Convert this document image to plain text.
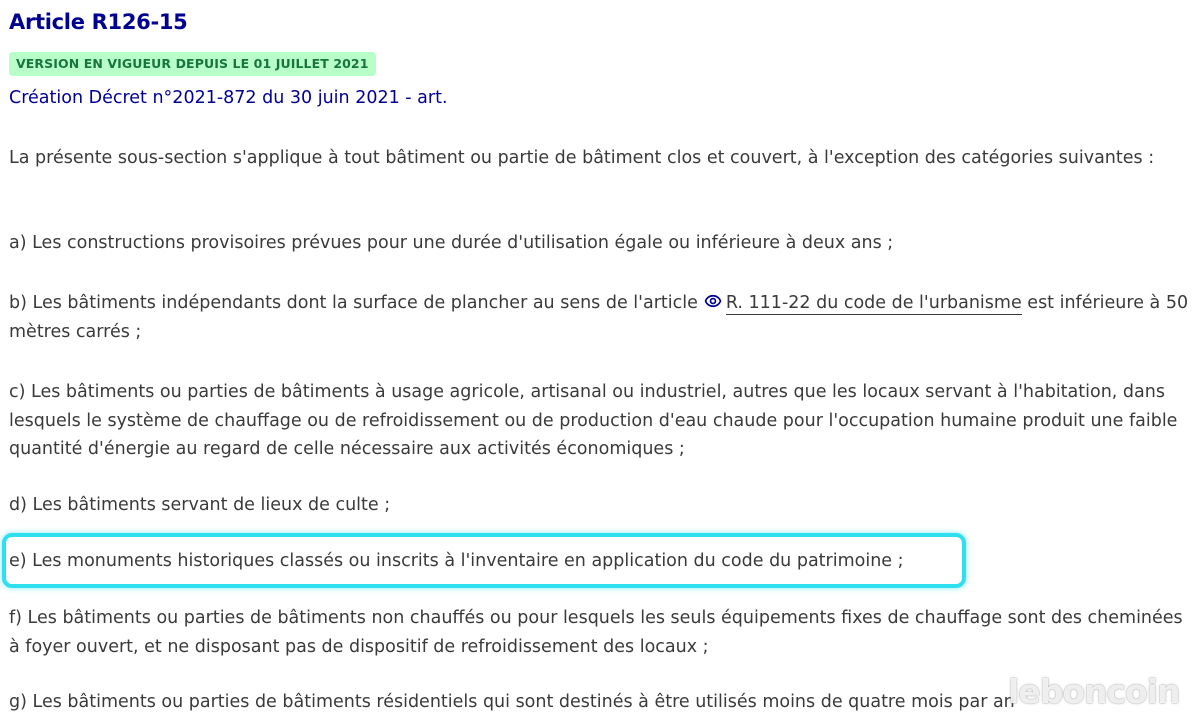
Article R126-15
VERSION EN VIGUEUR DEPUIS LE 01 JUILLET 2021
Création Décret n°2021-872 du 30 juin 2021 - art.

La présente sous-section s'applique à tout bâtiment ou partie de bâtiment clos et couvert, à l'exception des catégories suivantes :

a) Les constructions provisoires prévues pour une durée d'utilisation égale ou inférieure à deux ans ;

b) Les bâtiments indépendants dont la surface de plancher au sens de l'article R. 111-22 du code de l'urbanisme est inférieure à 50 mètres carrés ;

c) Les bâtiments ou parties de bâtiments à usage agricole, artisanal ou industriel, autres que les locaux servant à l'habitation, dans lesquels le système de chauffage ou de refroidissement ou de production d'eau chaude pour l'occupation humaine produit une faible quantité d'énergie au regard de celle nécessaire aux activités économiques ;

d) Les bâtiments servant de lieux de culte ;

e) Les monuments historiques classés ou inscrits à l'inventaire en application du code du patrimoine ;

f) Les bâtiments ou parties de bâtiments non chauffés ou pour lesquels les seuls équipements fixes de chauffage sont des cheminées à foyer ouvert, et ne disposant pas de dispositif de refroidissement des locaux ;

g) Les bâtiments ou parties de bâtiments résidentiels qui sont destinés à être utilisés moins de quatre mois par an

leboncoin
